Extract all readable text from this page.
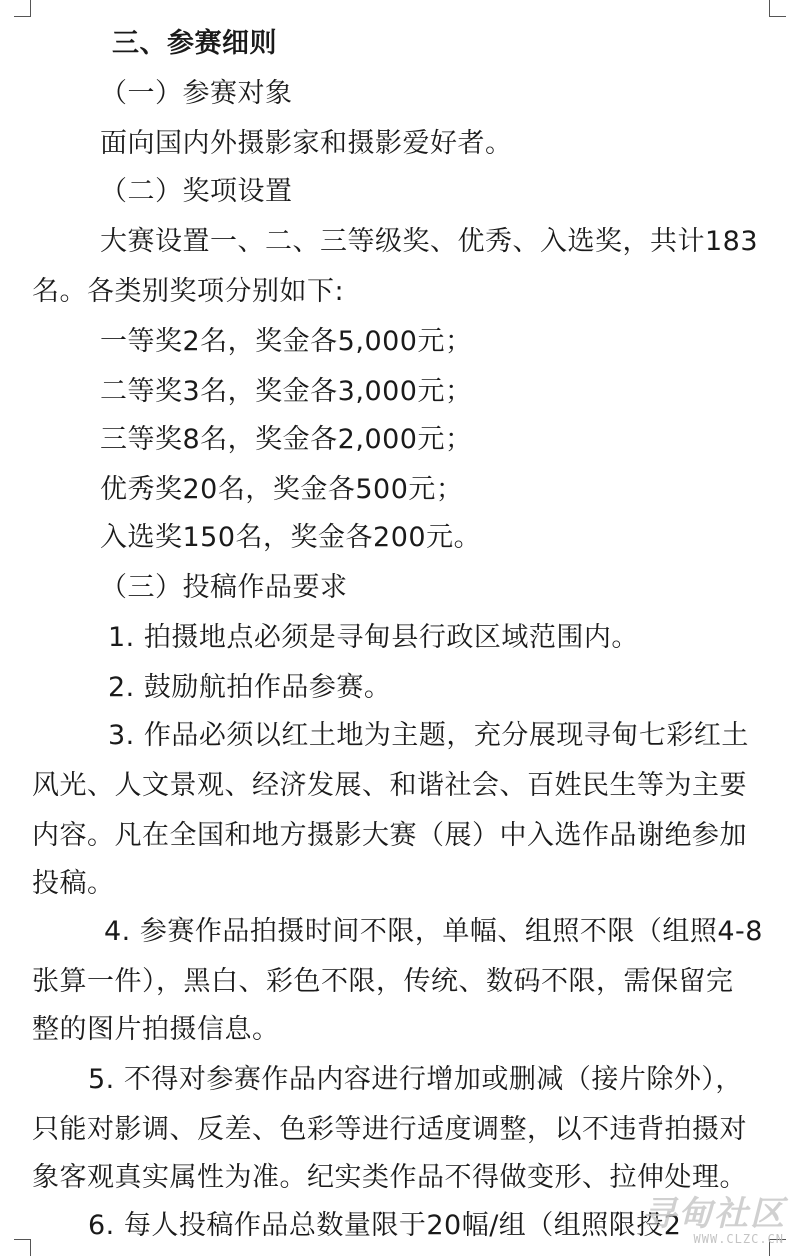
三、参赛细则
（一）参赛对象
面向国内外摄影家和摄影爱好者。
（二）奖项设置
大赛设置一、二、三等级奖、优秀、入选奖，共计183
名。各类别奖项分别如下:
一等奖2名，奖金各5,000元；
二等奖3名，奖金各3,000元；
三等奖8名，奖金各2,000元；
优秀奖20名，奖金各500元；
入选奖150名，奖金各200元。
（三）投稿作品要求
1. 拍摄地点必须是寻甸县行政区域范围内。
2. 鼓励航拍作品参赛。
3. 作品必须以红土地为主题，充分展现寻甸七彩红土
风光、人文景观、经济发展、和谐社会、百姓民生等为主要
内容。凡在全国和地方摄影大赛（展）中入选作品谢绝参加
投稿。
4. 参赛作品拍摄时间不限，单幅、组照不限（组照4-8
张算一件），黑白、彩色不限，传统、数码不限，需保留完
整的图片拍摄信息。
5. 不得对参赛作品内容进行增加或删减（接片除外），
只能对影调、反差、色彩等进行适度调整，以不违背拍摄对
象客观真实属性为准。纪实类作品不得做变形、拉伸处理。
6. 每人投稿作品总数量限于20幅/组（组照限投2
寻甸社区
WWW.CLZC.CN
